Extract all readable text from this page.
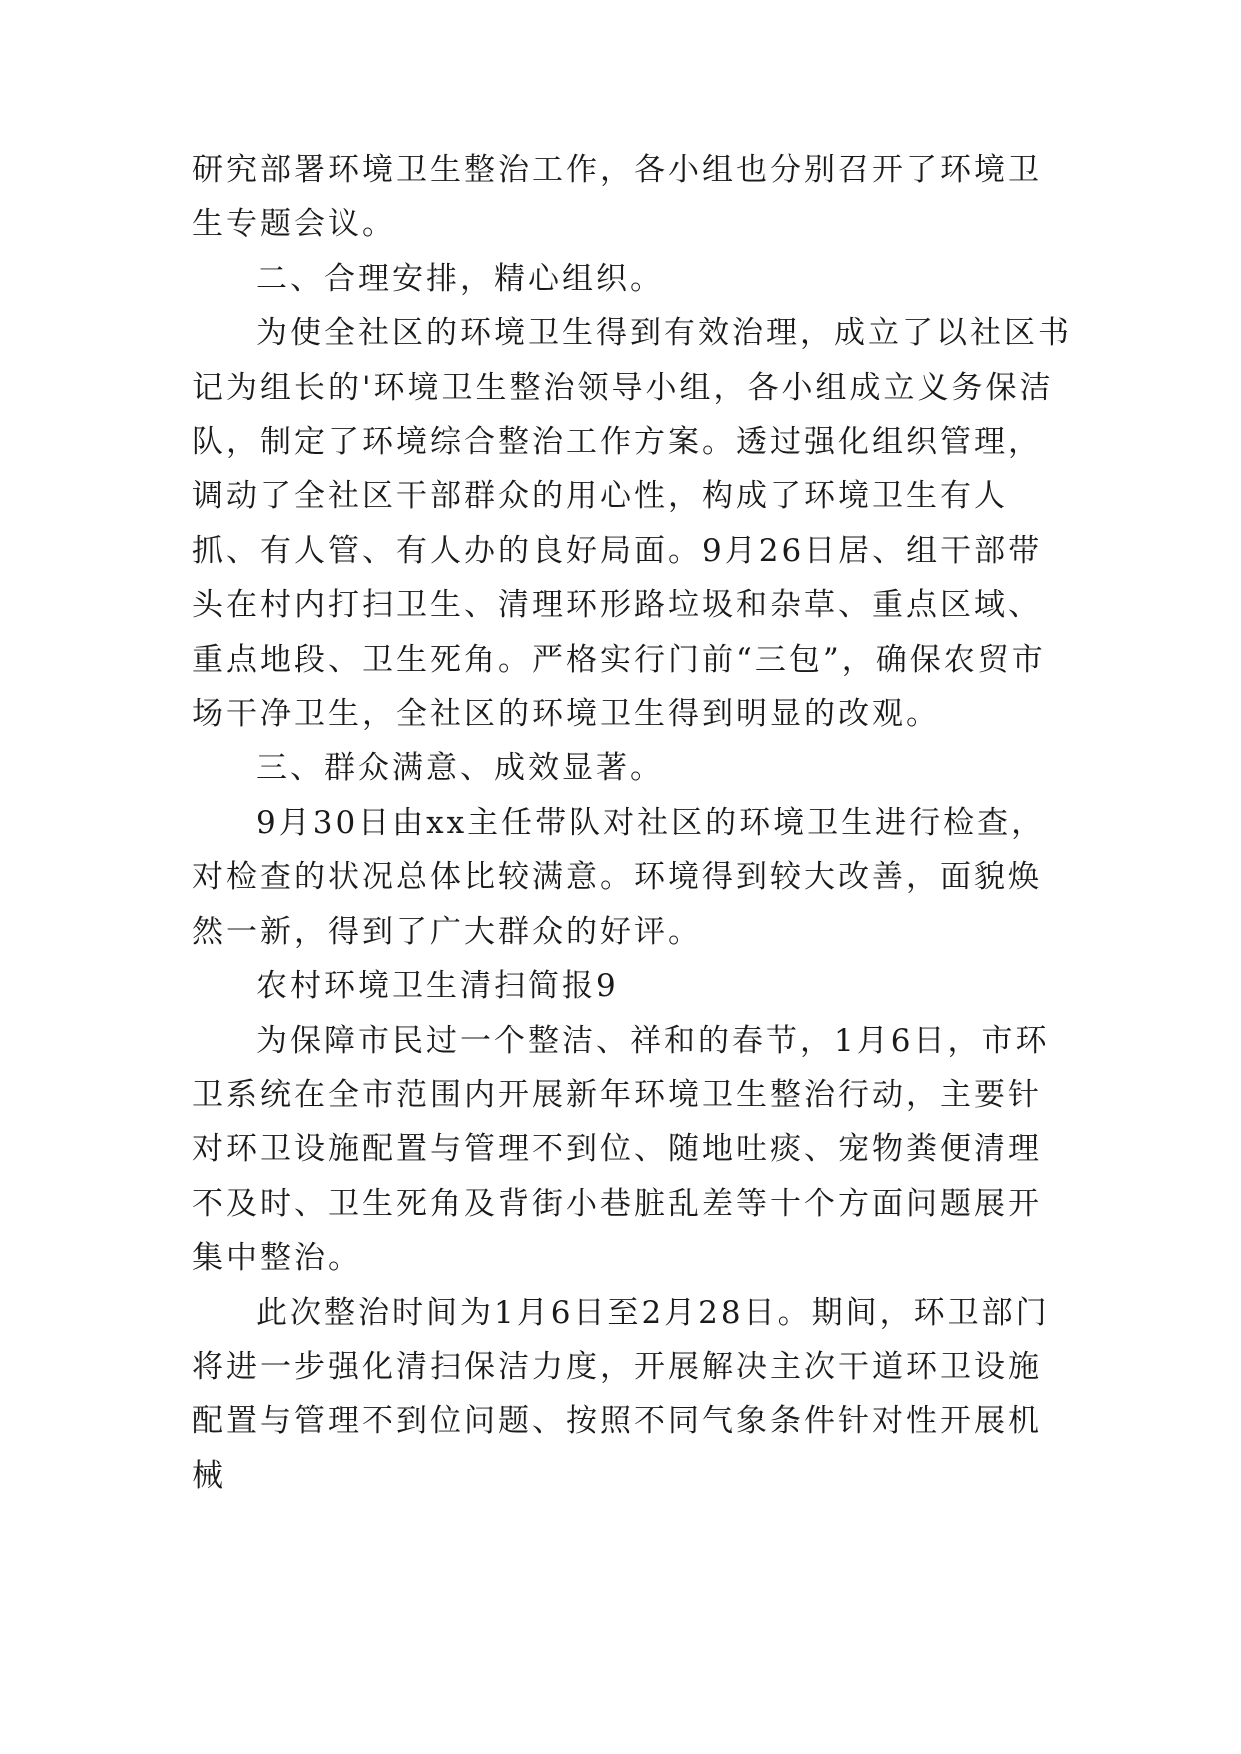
研究部署环境卫生整治工作，各小组也分别召开了环境卫生专题会议。

二、合理安排，精心组织。

为使全社区的环境卫生得到有效治理，成立了以社区书记为组长的'环境卫生整治领导小组，各小组成立义务保洁队，制定了环境综合整治工作方案。透过强化组织管理，调动了全社区干部群众的用心性，构成了环境卫生有人抓、有人管、有人办的良好局面。9月26日居、组干部带头在村内打扫卫生、清理环形路垃圾和杂草、重点区域、重点地段、卫生死角。严格实行门前“三包”，确保农贸市场干净卫生，全社区的环境卫生得到明显的改观。

三、群众满意、成效显著。

9月30日由xx主任带队对社区的环境卫生进行检查，对检查的状况总体比较满意。环境得到较大改善，面貌焕然一新，得到了广大群众的好评。

农村环境卫生清扫简报9

为保障市民过一个整洁、祥和的春节，1月6日，市环卫系统在全市范围内开展新年环境卫生整治行动，主要针对环卫设施配置与管理不到位、随地吐痰、宠物粪便清理不及时、卫生死角及背街小巷脏乱差等十个方面问题展开集中整治。

此次整治时间为1月6日至2月28日。期间，环卫部门将进一步强化清扫保洁力度，开展解决主次干道环卫设施配置与管理不到位问题、按照不同气象条件针对性开展机械
